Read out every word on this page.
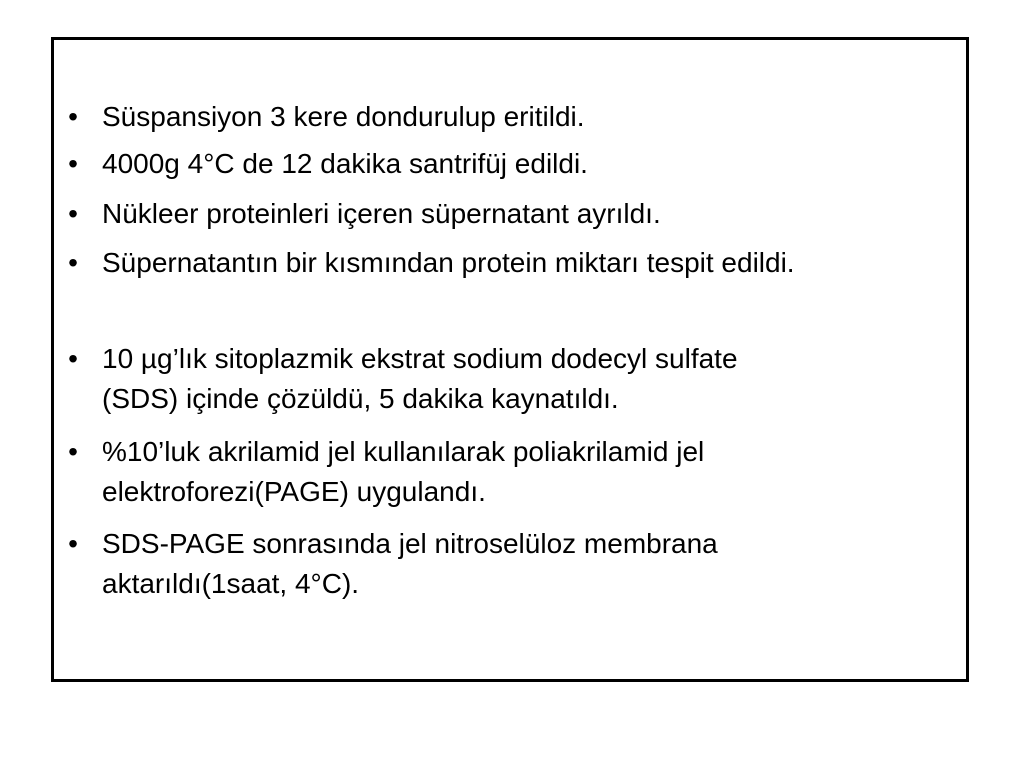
• Süspansiyon 3 kere dondurulup eritildi.
• 4000g 4°C de 12 dakika santrifüj edildi.
• Nükleer proteinleri içeren süpernatant ayrıldı.
• Süpernatantın bir kısmından protein miktarı tespit edildi.
• 10 µg’lık sitoplazmik ekstrat sodium dodecyl sulfate
(SDS) içinde çözüldü, 5 dakika kaynatıldı.
• %10’luk akrilamid jel kullanılarak poliakrilamid jel
elektroforezi(PAGE) uygulandı.
• SDS-PAGE sonrasında jel nitroselüloz membrana
aktarıldı(1saat, 4°C).
